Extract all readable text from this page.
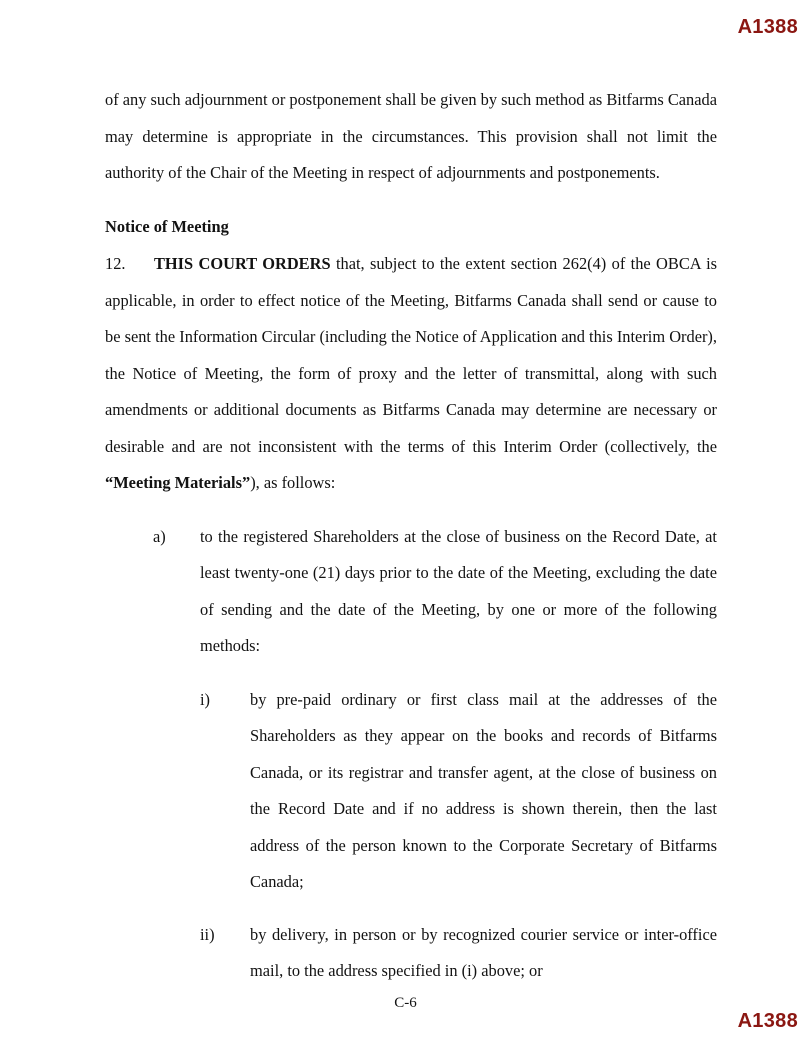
A1388

of any such adjournment or postponement shall be given by such method as Bitfarms Canada may determine is appropriate in the circumstances. This provision shall not limit the authority of the Chair of the Meeting in respect of adjournments and postponements.

Notice of Meeting

12. THIS COURT ORDERS that, subject to the extent section 262(4) of the OBCA is applicable, in order to effect notice of the Meeting, Bitfarms Canada shall send or cause to be sent the Information Circular (including the Notice of Application and this Interim Order), the Notice of Meeting, the form of proxy and the letter of transmittal, along with such amendments or additional documents as Bitfarms Canada may determine are necessary or desirable and are not inconsistent with the terms of this Interim Order (collectively, the “Meeting Materials”), as follows:

a)	to the registered Shareholders at the close of business on the Record Date, at least twenty-one (21) days prior to the date of the Meeting, excluding the date of sending and the date of the Meeting, by one or more of the following methods:

i)	by pre-paid ordinary or first class mail at the addresses of the Shareholders as they appear on the books and records of Bitfarms Canada, or its registrar and transfer agent, at the close of business on the Record Date and if no address is shown therein, then the last address of the person known to the Corporate Secretary of Bitfarms Canada;

ii)	by delivery, in person or by recognized courier service or inter-office mail, to the address specified in (i) above; or

C-6
A1388
